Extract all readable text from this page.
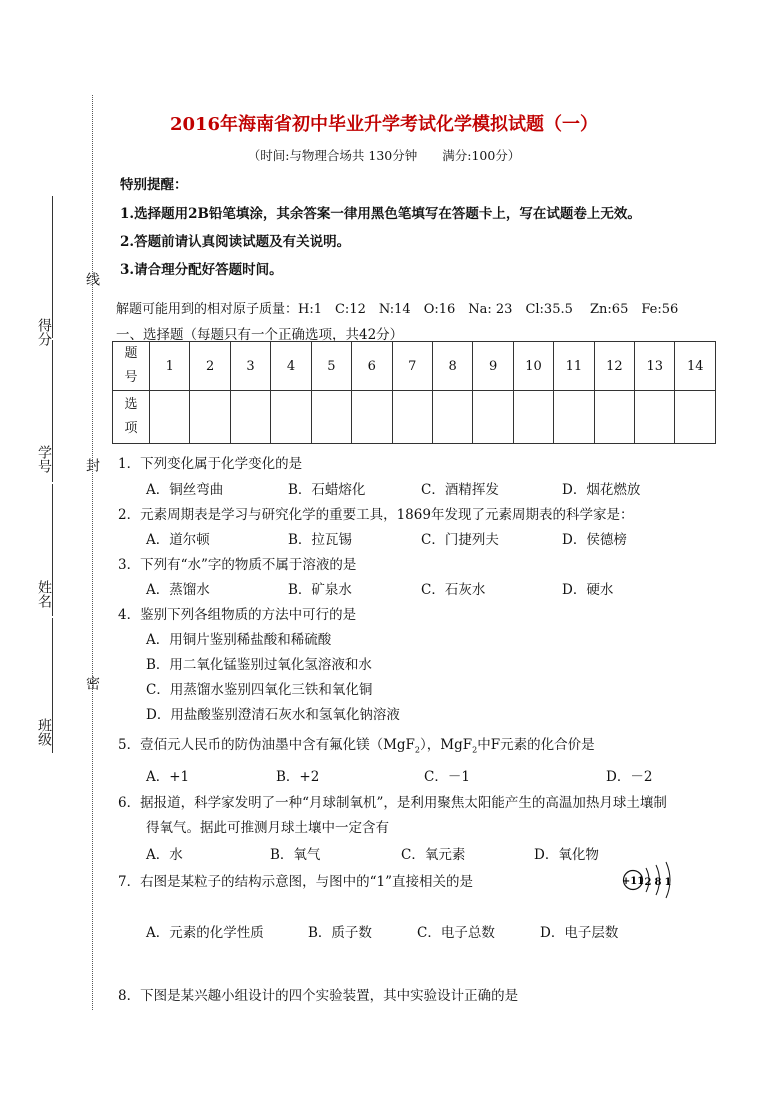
线
封
密
得分
学号
姓名
班级
2016年海南省初中毕业升学考试化学模拟试题（一）
（时间:与物理合场共 130分钟　　满分:100分）
特别提醒：
1.选择题用2B铅笔填涂，其余答案一律用黑色笔填写在答题卡上，写在试题卷上无效。
2.答题前请认真阅读试题及有关说明。
3.请合理分配好答题时间。
解题可能用到的相对原子质量：H:1　C:12　N:14　O:16　Na: 23　Cl:35.5　 Zn:65　Fe:56
一、选择题（每题只有一个正确选项，共42分）
题
号	1	2	3	4	5	6	7	8	9	10	11	12	13	14
选
项														
1．下列变化属于化学变化的是
A．铜丝弯曲	B．石蜡熔化	C．酒精挥发	D．烟花燃放
2．元素周期表是学习与研究化学的重要工具，1869年发现了元素周期表的科学家是：
A．道尔顿	B．拉瓦锡	C．门捷列夫	D．侯德榜
3．下列有“水”字的物质不属于溶液的是
A．蒸馏水	B．矿泉水	C．石灰水	D．硬水
4．鉴别下列各组物质的方法中可行的是
A．用铜片鉴别稀盐酸和稀硫酸
B．用二氧化锰鉴别过氧化氢溶液和水
C．用蒸馏水鉴别四氧化三铁和氧化铜
D．用盐酸鉴别澄清石灰水和氢氧化钠溶液
5．壹佰元人民币的防伪油墨中含有氟化镁（MgF$_2$），MgF$_2$中F元素的化合价是
A．+1	B．+2	C．－1	D．－2
6．据报道，科学家发明了一种“月球制氧机”，是利用聚焦太阳能产生的高温加热月球土壤制
得氧气。据此可推测月球土壤中一定含有
A．水	B．氧气	C．氧元素	D．氧化物
7．右图是某粒子的结构示意图，与图中的“1”直接相关的是	+11 2 8 1
A．元素的化学性质	B．质子数	C．电子总数	D．电子层数
8．下图是某兴趣小组设计的四个实验装置，其中实验设计正确的是
